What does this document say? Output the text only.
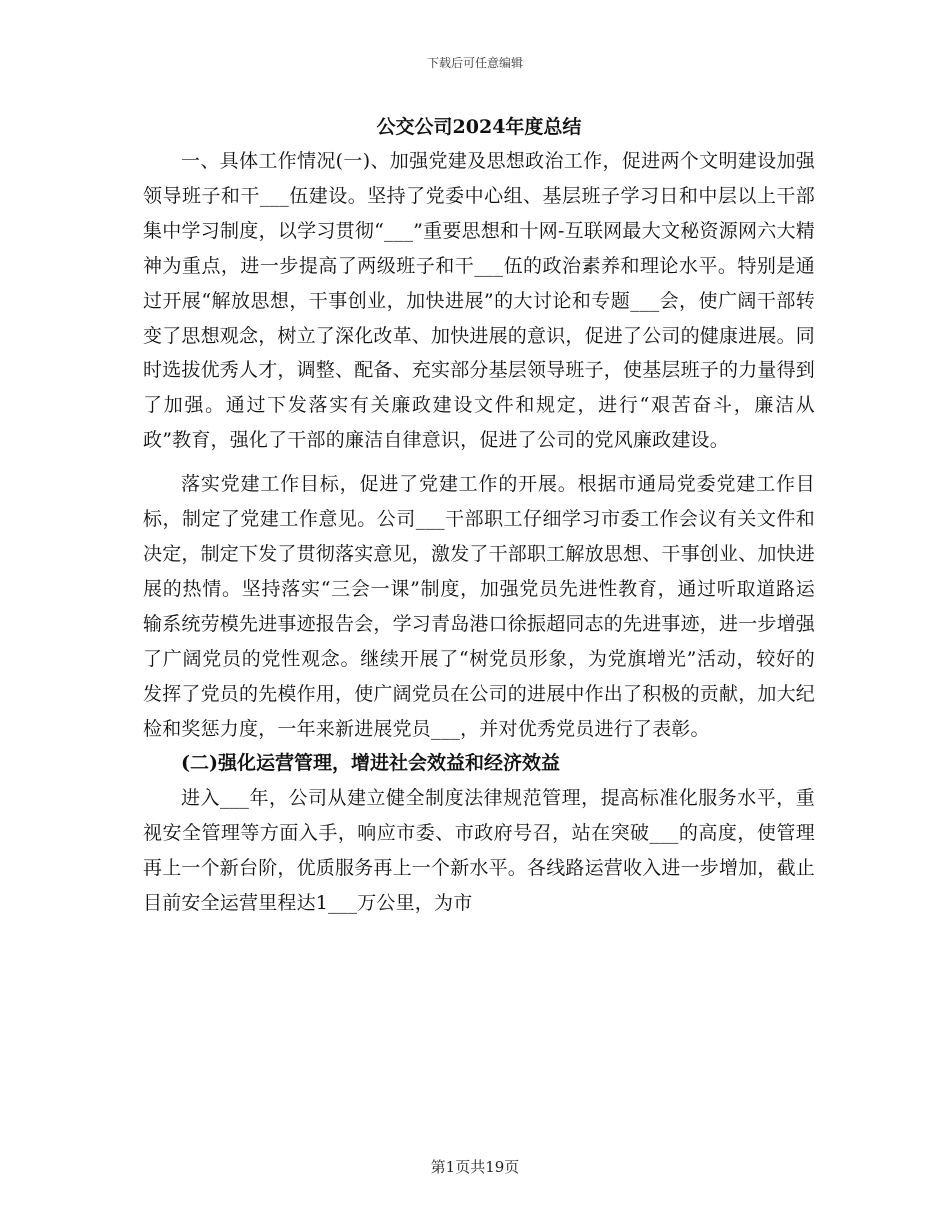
下载后可任意编辑
公交公司2024年度总结

一、具体工作情况(一)、加强党建及思想政治工作，促进两个文明建设加强领导班子和干___伍建设。坚持了党委中心组、基层班子学习日和中层以上干部集中学习制度，以学习贯彻“___”重要思想和十网-互联网最大文秘资源网六大精神为重点，进一步提高了两级班子和干___伍的政治素养和理论水平。特别是通过开展“解放思想，干事创业，加快进展”的大讨论和专题___会，使广阔干部转变了思想观念，树立了深化改革、加快进展的意识，促进了公司的健康进展。同时选拔优秀人才，调整、配备、充实部分基层领导班子，使基层班子的力量得到了加强。通过下发落实有关廉政建设文件和规定，进行“艰苦奋斗，廉洁从政”教育，强化了干部的廉洁自律意识，促进了公司的党风廉政建设。

落实党建工作目标，促进了党建工作的开展。根据市通局党委党建工作目标，制定了党建工作意见。公司___干部职工仔细学习市委工作会议有关文件和决定，制定下发了贯彻落实意见，激发了干部职工解放思想、干事创业、加快进展的热情。坚持落实“三会一课”制度，加强党员先进性教育，通过听取道路运输系统劳模先进事迹报告会，学习青岛港口徐振超同志的先进事迹，进一步增强了广阔党员的党性观念。继续开展了“树党员形象，为党旗增光”活动，较好的发挥了党员的先模作用，使广阔党员在公司的进展中作出了积极的贡献，加大纪检和奖惩力度，一年来新进展党员___，并对优秀党员进行了表彰。

(二)强化运营管理，增进社会效益和经济效益

进入___年，公司从建立健全制度法律规范管理，提高标准化服务水平，重视安全管理等方面入手，响应市委、市政府号召，站在突破___的高度，使管理再上一个新台阶，优质服务再上一个新水平。各线路运营收入进一步增加，截止目前安全运营里程达1___万公里，为市

第1页共19页
